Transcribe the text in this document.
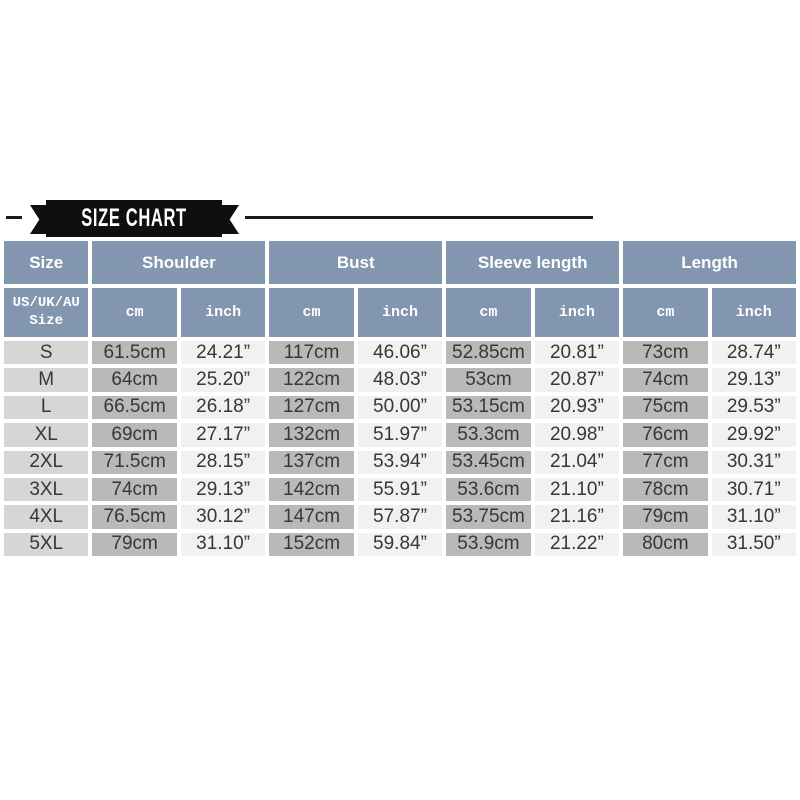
SIZE CHART
Size	Shoulder	Bust	Sleeve length	Length
US/UK/AU
Size	cm	inch	cm	inch	cm	inch	cm	inch
S	61.5cm	24.21”	117cm	46.06”	52.85cm	20.81”	73cm	28.74”
M	64cm	25.20”	122cm	48.03”	53cm	20.87”	74cm	29.13”
L	66.5cm	26.18”	127cm	50.00”	53.15cm	20.93”	75cm	29.53”
XL	69cm	27.17”	132cm	51.97”	53.3cm	20.98”	76cm	29.92”
2XL	71.5cm	28.15”	137cm	53.94”	53.45cm	21.04”	77cm	30.31”
3XL	74cm	29.13”	142cm	55.91”	53.6cm	21.10”	78cm	30.71”
4XL	76.5cm	30.12”	147cm	57.87”	53.75cm	21.16”	79cm	31.10”
5XL	79cm	31.10”	152cm	59.84”	53.9cm	21.22”	80cm	31.50”
